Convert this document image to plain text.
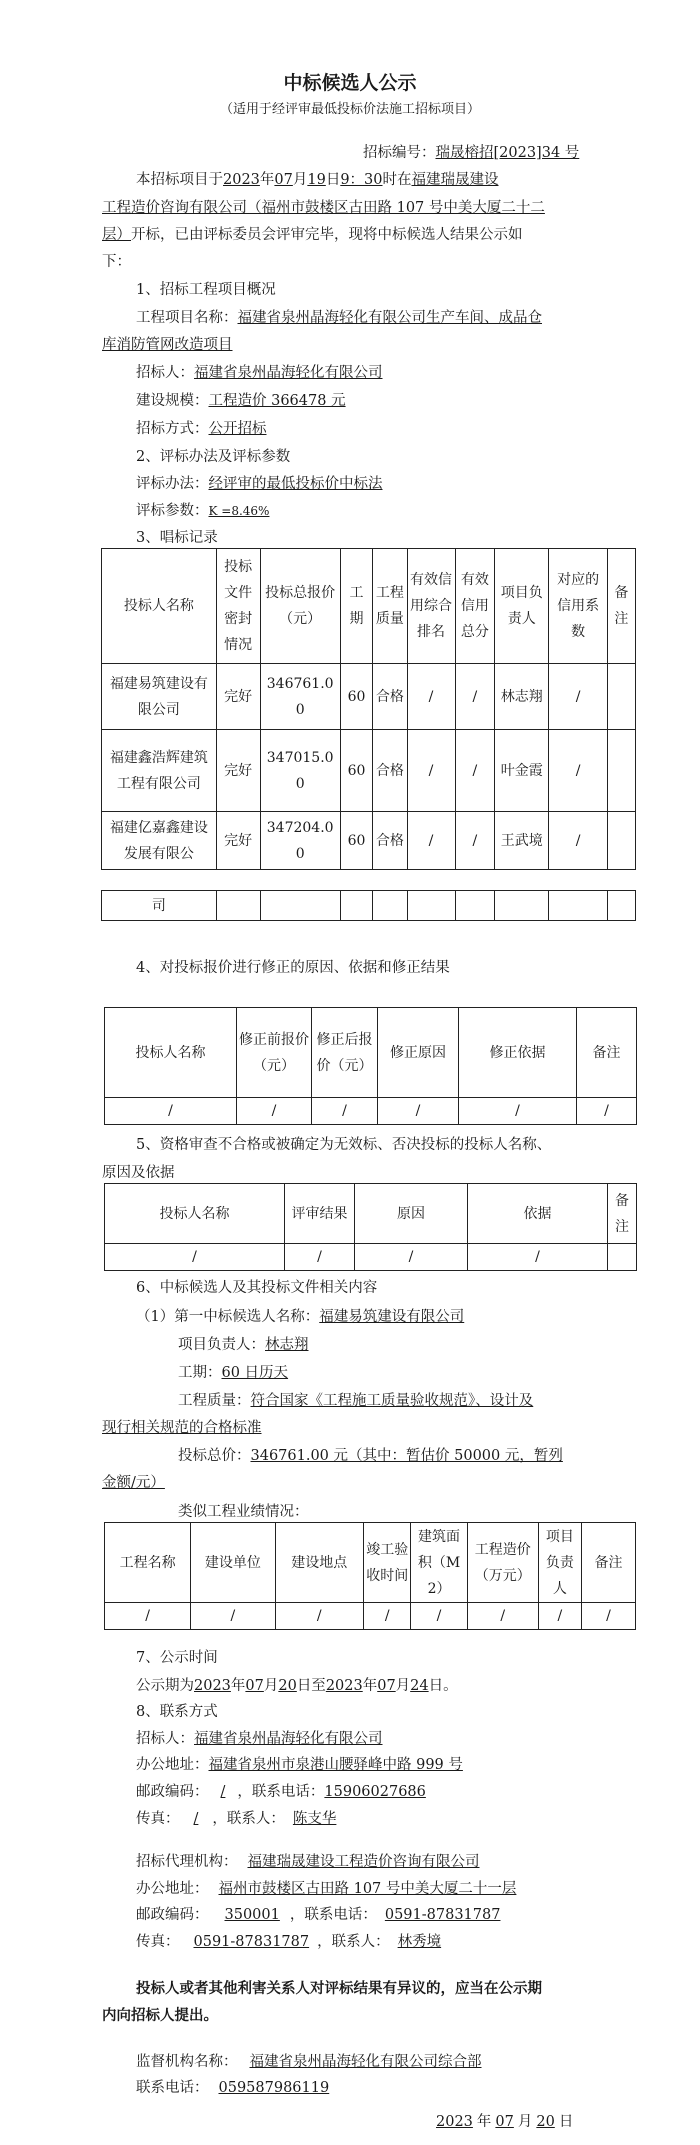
中标候选人公示
（适用于经评审最低投标价法施工招标项目）
招标编号：瑞晟榕招[2023]34 号
本招标项目于2023年07月19日9：30时在福建瑞晟建设
工程造价咨询有限公司（福州市鼓楼区古田路 107 号中美大厦二十二
层）开标，已由评标委员会评审完毕，现将中标候选人结果公示如
下：
1、招标工程项目概况
工程项目名称：福建省泉州晶海轻化有限公司生产车间、成品仓
库消防管网改造项目
招标人：福建省泉州晶海轻化有限公司
建设规模：工程造价 366478 元
招标方式：公开招标
2、评标办法及评标参数
评标办法：经评审的最低投标价中标法
评标参数：K =8.46%
3、唱标记录
投标人名称	投标文件密封情况	投标总报价（元）	工期	工程质量	有效信用综合排名	有效信用总分	项目负责人	对应的信用系数	备注
福建易筑建设有限公司	完好	346761.00	60	合格	/	/	林志翔	/	
福建鑫浩辉建筑工程有限公司	完好	347015.00	60	合格	/	/	叶金霞	/	
福建亿嘉鑫建设发展有限公	完好	347204.00	60	合格	/	/	王武境	/	
司									
4、对投标报价进行修正的原因、依据和修正结果
投标人名称	修正前报价（元）	修正后报价（元）	修正原因	修正依据	备注
/	/	/	/	/	/
5、资格审查不合格或被确定为无效标、否决投标的投标人名称、
原因及依据
投标人名称	评审结果	原因	依据	备注
/	/	/	/	
6、中标候选人及其投标文件相关内容
（1）第一中标候选人名称：福建易筑建设有限公司
项目负责人：林志翔
工期：60 日历天
工程质量：符合国家《工程施工质量验收规范》、设计及
现行相关规范的合格标准
投标总价：346761.00 元（其中：暂估价 50000 元，暂列
金额/元）
类似工程业绩情况：
工程名称	建设单位	建设地点	竣工验收时间	建筑面积（M2）	工程造价（万元）	项目负责人	备注
/	/	/	/	/	/	/	/
7、公示时间
公示期为2023年07月20日至2023年07月24日。
8、联系方式
招标人：福建省泉州晶海轻化有限公司
办公地址：福建省泉州市泉港山腰驿峰中路 999 号
邮政编码： / ，联系电话：15906027686
传真： / ，联系人： 陈支华
招标代理机构： 福建瑞晟建设工程造价咨询有限公司
办公地址： 福州市鼓楼区古田路 107 号中美大厦二十一层
邮政编码： 350001 ，联系电话： 0591-87831787
传真： 0591-87831787 ，联系人： 林秀境
投标人或者其他利害关系人对评标结果有异议的，应当在公示期
内向招标人提出。
监督机构名称： 福建省泉州晶海轻化有限公司综合部
联系电话： 059587986119
2023 年 07 月 20 日
